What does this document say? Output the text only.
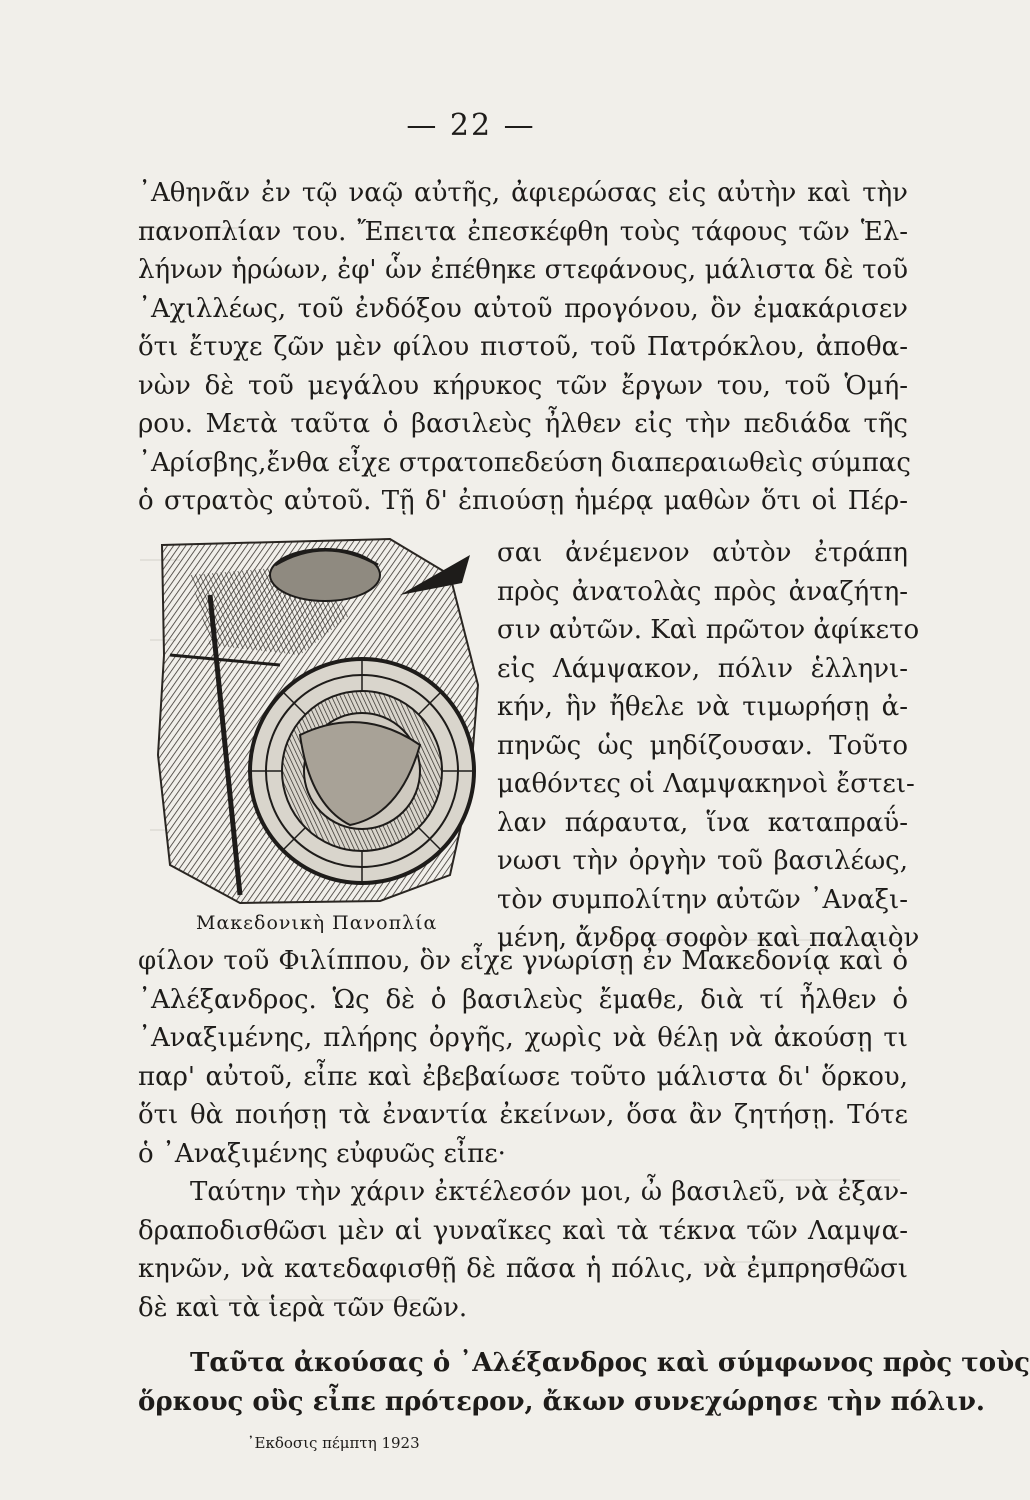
— 22 —
᾿Αθηνᾶν ἐν τῷ ναῷ αὐτῆς, ἀφιερώσας εἰς αὐτὴν καὶ τὴν
πανοπλίαν του. Ἔπειτα ἐπεσκέφθη τοὺς τάφους τῶν Ἑλ-
λήνων ἡρώων, ἐφ' ὧν ἐπέθηκε στεφάνους, μάλιστα δὲ τοῦ
᾿Αχιλλέως, τοῦ ἐνδόξου αὐτοῦ προγόνου, ὃν ἐμακάρισεν
ὅτι ἔτυχε ζῶν μὲν φίλου πιστοῦ, τοῦ Πατρόκλου, ἀποθα-
νὼν δὲ τοῦ μεγάλου κήρυκος τῶν ἔργων του, τοῦ Ὁμή-
ρου. Μετὰ ταῦτα ὁ βασιλεὺς ἦλθεν εἰς τὴν πεδιάδα τῆς
᾿Αρίσβης,ἔνθα εἶχε στρατοπεδεύση διαπεραιωθεὶς σύμπας
ὁ στρατὸς αὐτοῦ. Τῇ δ' ἐπιούσῃ ἡμέρᾳ μαθὼν ὅτι οἱ Πέρ-
Μακεδονικὴ Πανοπλία
σαι ἀνέμενον αὐτὸν ἐτράπη
πρὸς ἀνατολὰς πρὸς ἀναζήτη-
σιν αὐτῶν. Καὶ πρῶτον ἀφίκετο
εἰς Λάμψακον, πόλιν ἑλληνι-
κήν, ἣν ἤθελε νὰ τιμωρήσῃ ἀ-
πηνῶς ὡς μηδίζουσαν. Τοῦτο
μαθόντες οἱ Λαμψακηνοὶ ἔστει-
λαν πάραυτα, ἵνα καταπραΰ-
νωσι τὴν ὀργὴν τοῦ βασιλέως,
τὸν συμπολίτην αὐτῶν ᾿Αναξι-
μένη, ἄνδρα σοφὸν καὶ παλαιὸν
φίλον τοῦ Φιλίππου, ὃν εἶχε γνωρίσῃ ἐν Μακεδονίᾳ καὶ ὁ
᾿Αλέξανδρος. Ὡς δὲ ὁ βασιλεὺς ἔμαθε, διὰ τί ἦλθεν ὁ
᾿Αναξιμένης, πλήρης ὀργῆς, χωρὶς νὰ θέλῃ νὰ ἀκούσῃ τι
παρ' αὐτοῦ, εἶπε καὶ ἐβεβαίωσε τοῦτο μάλιστα δι' ὅρκου,
ὅτι θὰ ποιήσῃ τὰ ἐναντία ἐκείνων, ὅσα ἂν ζητήσῃ. Τότε
ὁ ᾿Αναξιμένης εὐφυῶς εἶπε·
Ταύτην τὴν χάριν ἐκτέλεσόν μοι, ὦ βασιλεῦ, νὰ ἐξαν-
δραποδισθῶσι μὲν αἱ γυναῖκες καὶ τὰ τέκνα τῶν Λαμψα-
κηνῶν, νὰ κατεδαφισθῇ δὲ πᾶσα ἡ πόλις, νὰ ἐμπρησθῶσι
δὲ καὶ τὰ ἱερὰ τῶν θεῶν.
Ταῦτα ἀκούσας ὁ ᾿Αλέξανδρος καὶ σύμφωνος πρὸς τοὺς
ὅρκους οὓς εἶπε πρότερον, ἄκων συνεχώρησε τὴν πόλιν.
᾿Εκδοσις πέμπτη 1923
